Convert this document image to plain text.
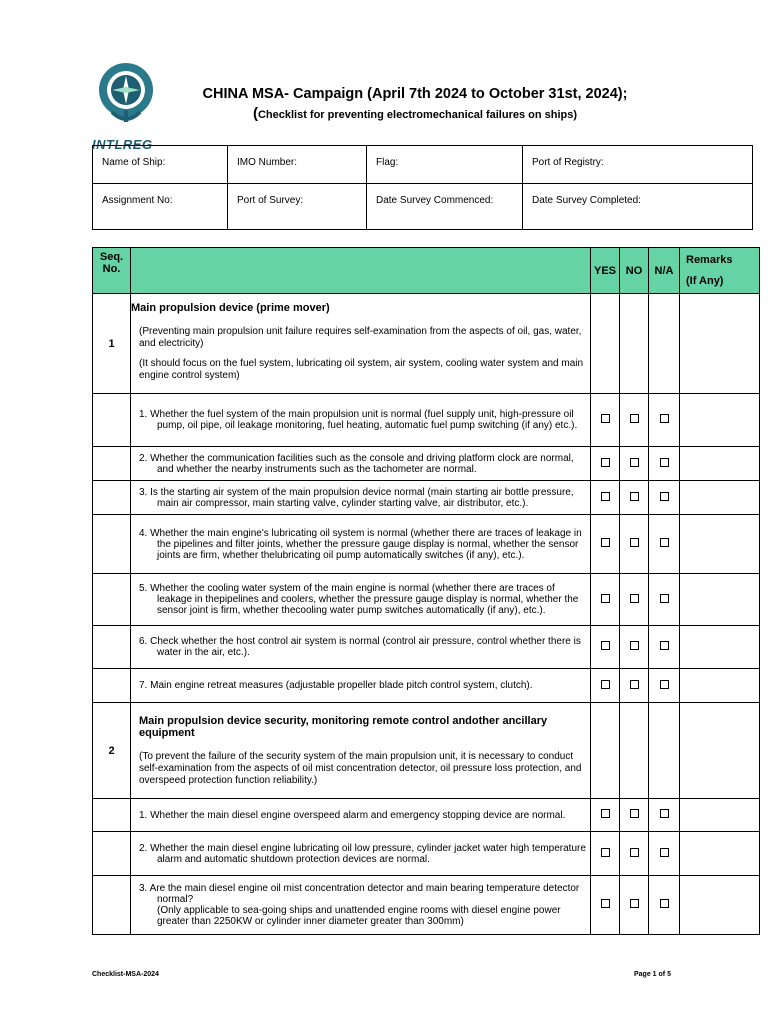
INTLREG
CHINA MSA- Campaign (April 7th 2024 to October 31st, 2024);
(Checklist for preventing electromechanical failures on ships)
Name of Ship:	IMO Number:	Flag:	Port of Registry:
Assignment No:	Port of Survey:	Date Survey Commenced:	Date Survey Completed:
Seq. No.		YES	NO	N/A	Remarks
(If Any)
1	Main propulsion device (prime mover)
(Preventing main propulsion unit failure requires self-examination from the aspects of oil, gas, water, and electricity)
(It should focus on the fuel system, lubricating oil system, air system, cooling water system and main engine control system)				

	1. Whether the fuel system of the main propulsion unit is normal (fuel supply unit, high-pressure oil pump, oil pipe, oil leakage monitoring, fuel heating, automatic fuel pump switching (if any) etc.).				

	2. Whether the communication facilities such as the console and driving platform clock are normal, and whether the nearby instruments such as the tachometer are normal.				

	3. Is the starting air system of the main propulsion device normal (main starting air bottle pressure, main air compressor, main starting valve, cylinder starting valve, air distributor, etc.).				

	4. Whether the main engine's lubricating oil system is normal (whether there are traces of leakage in the pipelines and filter joints, whether the pressure gauge display is normal, whether the sensor joints are firm, whether thelubricating oil pump automatically switches (if any), etc.).				

	5. Whether the cooling water system of the main engine is normal (whether there are traces of leakage in thepipelines and coolers, whether the pressure gauge display is normal, whether the sensor joint is firm, whether thecooling water pump switches automatically (if any), etc.).				

	6. Check whether the host control air system is normal (control air pressure, control whether there is water in the air, etc.).				

	7. Main engine retreat measures (adjustable propeller blade pitch control system, clutch).				

2	Main propulsion device security, monitoring remote control andother ancillary equipment
(To prevent the failure of the security system of the main propulsion unit, it is necessary to conduct self-examination from the aspects of oil mist concentration detector, oil pressure loss protection, and overspeed protection function reliability.)				

	1. Whether the main diesel engine overspeed alarm and emergency stopping device are normal.				

	2. Whether the main diesel engine lubricating oil low pressure, cylinder jacket water high temperature alarm and automatic shutdown protection devices are normal.				

	3. Are the main diesel engine oil mist concentration detector and main bearing temperature detector normal?
(Only applicable to sea-going ships and unattended engine rooms with diesel engine power greater than 2250KW or cylinder inner diameter greater than 300mm)				

Checklist-MSA-2024	Page 1 of 5
